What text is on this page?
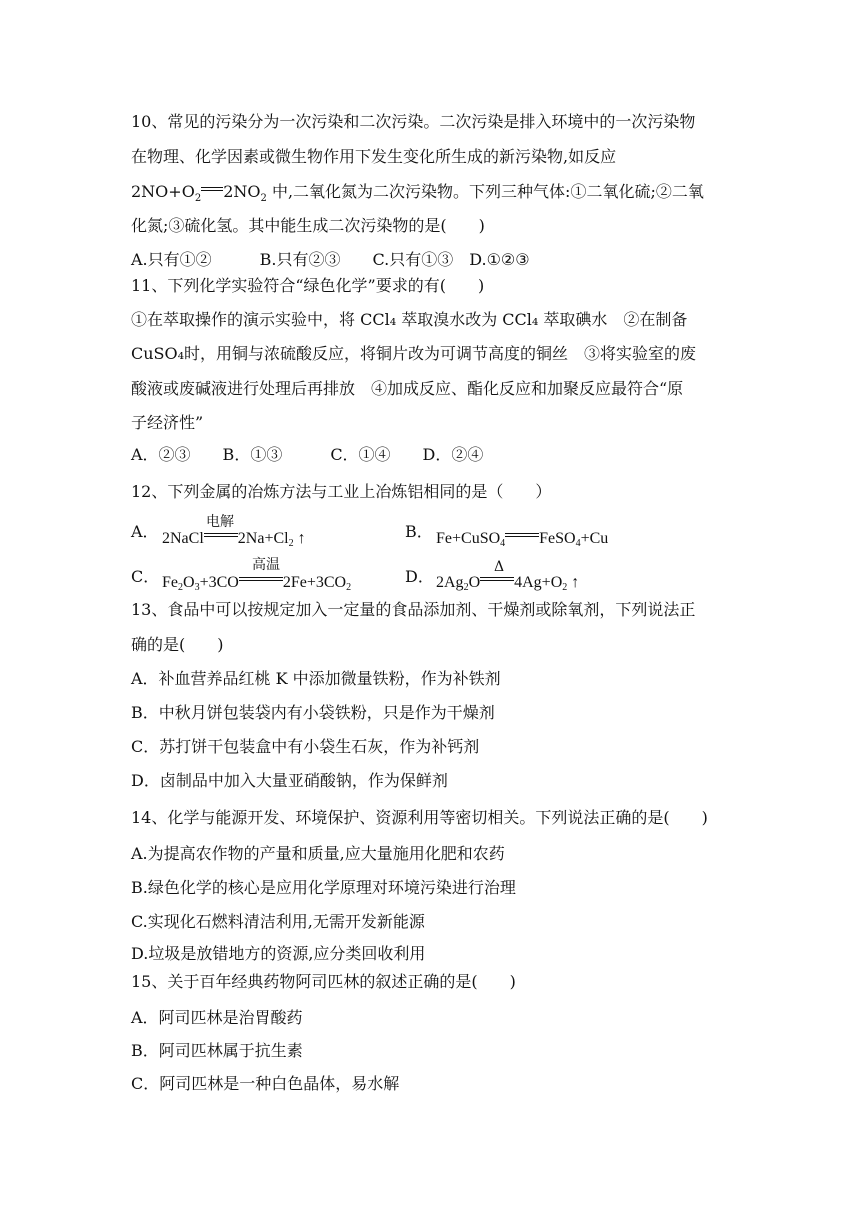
10、常见的污染分为一次污染和二次污染。二次污染是排入环境中的一次污染物
在物理、化学因素或微生物作用下发生变化所生成的新污染物,如反应
$2NO+O_2$ $2NO_2$ 中,二氧化氮为二次污染物。下列三种气体:①二氧化硫;②二氧
化氮;③硫化氢。其中能生成二次污染物的是(　　)
A.只有①②　　　B.只有②③　　C.只有①③　D.①②③
11、下列化学实验符合“绿色化学”要求的有(　　)
①在萃取操作的演示实验中，将 CCl₄ 萃取溴水改为 CCl₄ 萃取碘水　②在制备
CuSO₄时，用铜与浓硫酸反应，将铜片改为可调节高度的铜丝　③将实验室的废
酸液或废碱液进行处理后再排放　④加成反应、酯化反应和加聚反应最符合“原
子经济性”
A．②③　　B．①③　　　C．①④　　D．②④
12、下列金属的冶炼方法与工业上冶炼铝相同的是（　　）
A．	电解
2NaCl $2Na+Cl_2$ ↑	B． Fe+CuSO$_4$ FeSO$_4$+Cu
C．
高温
$Fe_2O_3+3CO$	$2Fe+3CO_2$
D．	Δ
$2Ag_2O$ $4Ag+O_2$ ↑
13、食品中可以按规定加入一定量的食品添加剂、干燥剂或除氧剂，下列说法正
确的是(　　)
A．补血营养品红桃 K 中添加微量铁粉，作为补铁剂
B．中秋月饼包装袋内有小袋铁粉，只是作为干燥剂
C．苏打饼干包装盒中有小袋生石灰，作为补钙剂
D．卤制品中加入大量亚硝酸钠，作为保鲜剂
14、化学与能源开发、环境保护、资源利用等密切相关。下列说法正确的是(　　)
A.为提高农作物的产量和质量,应大量施用化肥和农药
B.绿色化学的核心是应用化学原理对环境污染进行治理
C.实现化石燃料清洁利用,无需开发新能源
D.垃圾是放错地方的资源,应分类回收利用
15、关于百年经典药物阿司匹林的叙述正确的是(　　)
A．阿司匹林是治胃酸药
B．阿司匹林属于抗生素
C．阿司匹林是一种白色晶体，易水解
